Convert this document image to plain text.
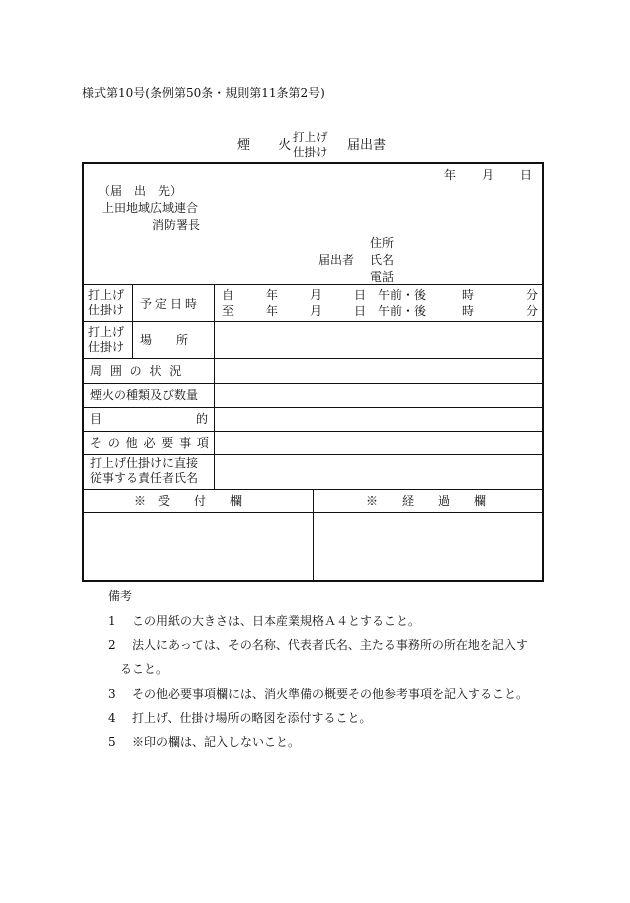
様式第10号(条例第50条・規則第11条第2号)
煙 火
打上げ
仕掛け	届出書
年 月 日
（届　出　先）
上田地域広域連合
消防署長
住所
届出者 氏名
電話
打上げ
仕掛け 予定日時
自	年	月	日 午前・後	時	分
至	年	月	日 午前・後	時	分
打上げ
仕掛け 場　　所
周 囲 の 状 況
煙火の種類及び数量
目	的
そ の 他 必 要 事 項
打上げ仕掛けに直接
従事する責任者氏名
※　受　　付　　欄	※　　経　　過　　欄
備考
1 この用紙の大きさは、日本産業規格Ａ４とすること。
2 法人にあっては、その名称、代表者氏名、主たる事務所の所在地を記入す
ること。
3 その他必要事項欄には、消火準備の概要その他参考事項を記入すること。
4 打上げ、仕掛け場所の略図を添付すること。
5 ※印の欄は、記入しないこと。
